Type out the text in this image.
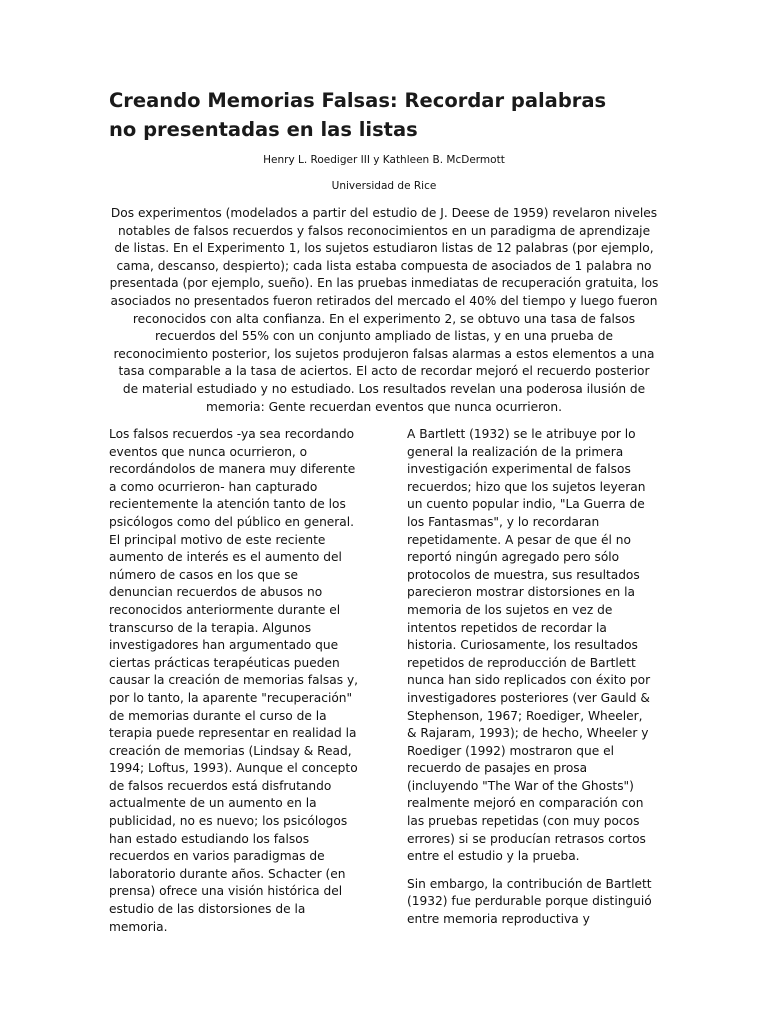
Creando Memorias Falsas: Recordar palabras no presentadas en las listas
Henry L. Roediger III y Kathleen B. McDermott
Universidad de Rice

Dos experimentos (modelados a partir del estudio de J. Deese de 1959) revelaron niveles notables de falsos recuerdos y falsos reconocimientos en un paradigma de aprendizaje de listas. En el Experimento 1, los sujetos estudiaron listas de 12 palabras (por ejemplo, cama, descanso, despierto); cada lista estaba compuesta de asociados de 1 palabra no presentada (por ejemplo, sueño). En las pruebas inmediatas de recuperación gratuita, los asociados no presentados fueron retirados del mercado el 40% del tiempo y luego fueron reconocidos con alta confianza. En el experimento 2, se obtuvo una tasa de falsos recuerdos del 55% con un conjunto ampliado de listas, y en una prueba de reconocimiento posterior, los sujetos produjeron falsas alarmas a estos elementos a una tasa comparable a la tasa de aciertos. El acto de recordar mejoró el recuerdo posterior de material estudiado y no estudiado. Los resultados revelan una poderosa ilusión de memoria: Gente recuerdan eventos que nunca ocurrieron.

Los falsos recuerdos -ya sea recordando eventos que nunca ocurrieron, o recordándolos de manera muy diferente a como ocurrieron- han capturado recientemente la atención tanto de los psicólogos como del público en general. El principal motivo de este reciente aumento de interés es el aumento del número de casos en los que se denuncian recuerdos de abusos no reconocidos anteriormente durante el transcurso de la terapia. Algunos investigadores han argumentado que ciertas prácticas terapéuticas pueden causar la creación de memorias falsas y, por lo tanto, la aparente "recuperación" de memorias durante el curso de la terapia puede representar en realidad la creación de memorias (Lindsay & Read, 1994; Loftus, 1993). Aunque el concepto de falsos recuerdos está disfrutando actualmente de un aumento en la publicidad, no es nuevo; los psicólogos han estado estudiando los falsos recuerdos en varios paradigmas de laboratorio durante años. Schacter (en prensa) ofrece una visión histórica del estudio de las distorsiones de la memoria.

A Bartlett (1932) se le atribuye por lo general la realización de la primera investigación experimental de falsos recuerdos; hizo que los sujetos leyeran un cuento popular indio, "La Guerra de los Fantasmas", y lo recordaran repetidamente. A pesar de que él no reportó ningún agregado pero sólo protocolos de muestra, sus resultados parecieron mostrar distorsiones en la memoria de los sujetos en vez de intentos repetidos de recordar la historia. Curiosamente, los resultados repetidos de reproducción de Bartlett nunca han sido replicados con éxito por investigadores posteriores (ver Gauld & Stephenson, 1967; Roediger, Wheeler, & Rajaram, 1993); de hecho, Wheeler y Roediger (1992) mostraron que el recuerdo de pasajes en prosa (incluyendo "The War of the Ghosts") realmente mejoró en comparación con las pruebas repetidas (con muy pocos errores) si se producían retrasos cortos entre el estudio y la prueba.

Sin embargo, la contribución de Bartlett (1932) fue perdurable porque distinguió entre memoria reproductiva y
